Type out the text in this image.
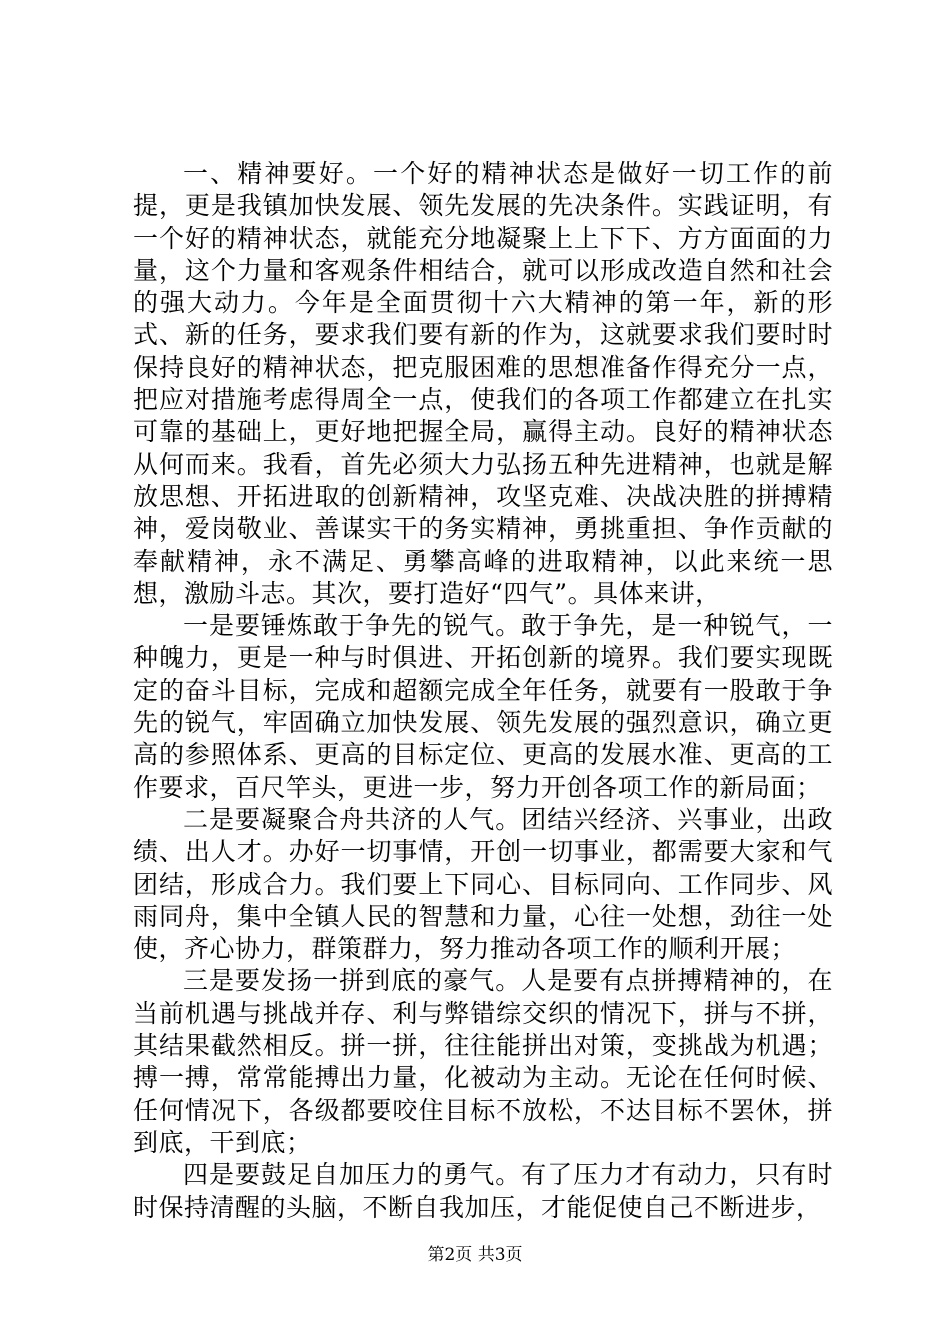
一、精神要好。一个好的精神状态是做好一切工作的前提，更是我镇加快发展、领先发展的先决条件。实践证明，有一个好的精神状态，就能充分地凝聚上上下下、方方面面的力量，这个力量和客观条件相结合，就可以形成改造自然和社会的强大动力。今年是全面贯彻十六大精神的第一年，新的形式、新的任务，要求我们要有新的作为，这就要求我们要时时保持良好的精神状态，把克服困难的思想准备作得充分一点，把应对措施考虑得周全一点，使我们的各项工作都建立在扎实可靠的基础上，更好地把握全局，赢得主动。良好的精神状态从何而来。我看，首先必须大力弘扬五种先进精神，也就是解放思想、开拓进取的创新精神，攻坚克难、决战决胜的拼搏精神，爱岗敬业、善谋实干的务实精神，勇挑重担、争作贡献的奉献精神，永不满足、勇攀高峰的进取精神，以此来统一思想，激励斗志。其次，要打造好“四气”。具体来讲，

一是要锤炼敢于争先的锐气。敢于争先，是一种锐气，一种魄力，更是一种与时俱进、开拓创新的境界。我们要实现既定的奋斗目标，完成和超额完成全年任务，就要有一股敢于争先的锐气，牢固确立加快发展、领先发展的强烈意识，确立更高的参照体系、更高的目标定位、更高的发展水准、更高的工作要求，百尺竿头，更进一步，努力开创各项工作的新局面；

二是要凝聚合舟共济的人气。团结兴经济、兴事业，出政绩、出人才。办好一切事情，开创一切事业，都需要大家和气团结，形成合力。我们要上下同心、目标同向、工作同步、风雨同舟，集中全镇人民的智慧和力量，心往一处想，劲往一处使，齐心协力，群策群力，努力推动各项工作的顺利开展；

三是要发扬一拼到底的豪气。人是要有点拼搏精神的，在当前机遇与挑战并存、利与弊错综交织的情况下，拼与不拼，其结果截然相反。拼一拼，往往能拼出对策，变挑战为机遇；搏一搏，常常能搏出力量，化被动为主动。无论在任何时候、任何情况下，各级都要咬住目标不放松，不达目标不罢休，拼到底，干到底；

四是要鼓足自加压力的勇气。有了压力才有动力，只有时时保持清醒的头脑，不断自我加压，才能促使自己不断进步，

第2页 共3页
